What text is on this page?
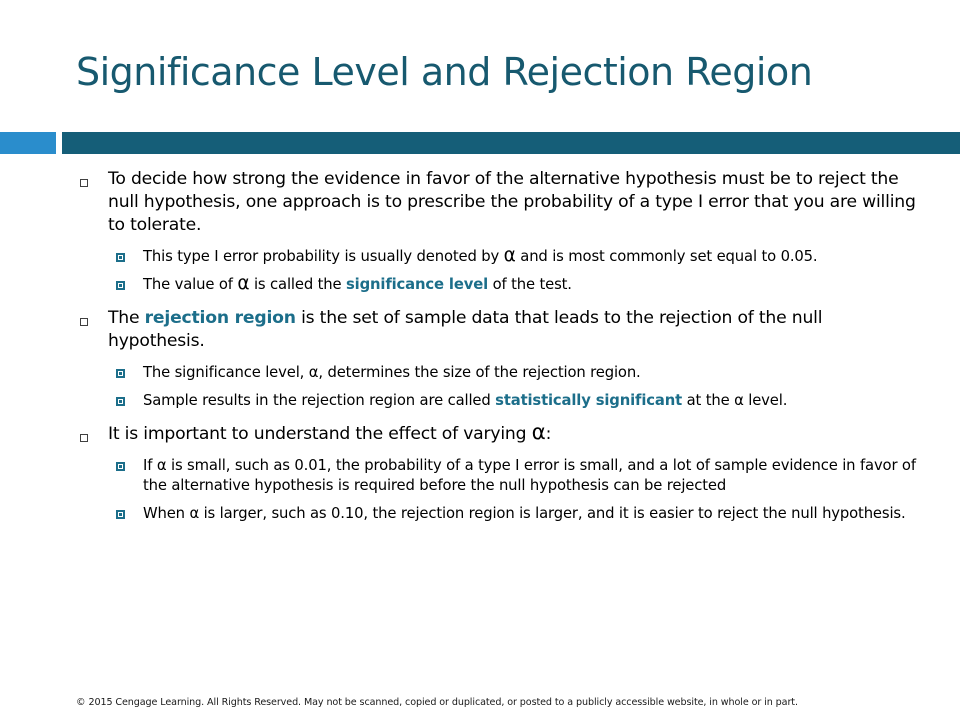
Significance Level and Rejection Region

To decide how strong the evidence in favor of the alternative hypothesis must be to reject the null hypothesis, one approach is to prescribe the probability of a type I error that you are willing to tolerate.

This type I error probability is usually denoted by α and is most commonly set equal to 0.05.

The value of α is called the significance level of the test.

The rejection region is the set of sample data that leads to the rejection of the null hypothesis.

The significance level, α, determines the size of the rejection region.

Sample results in the rejection region are called statistically significant at the α level.

It is important to understand the effect of varying α:

If α is small, such as 0.01, the probability of a type I error is small, and a lot of sample evidence in favor of the alternative hypothesis is required before the null hypothesis can be rejected

When α is larger, such as 0.10, the rejection region is larger, and it is easier to reject the null hypothesis.

© 2015 Cengage Learning. All Rights Reserved. May not be scanned, copied or duplicated, or posted to a publicly accessible website, in whole or in part.
